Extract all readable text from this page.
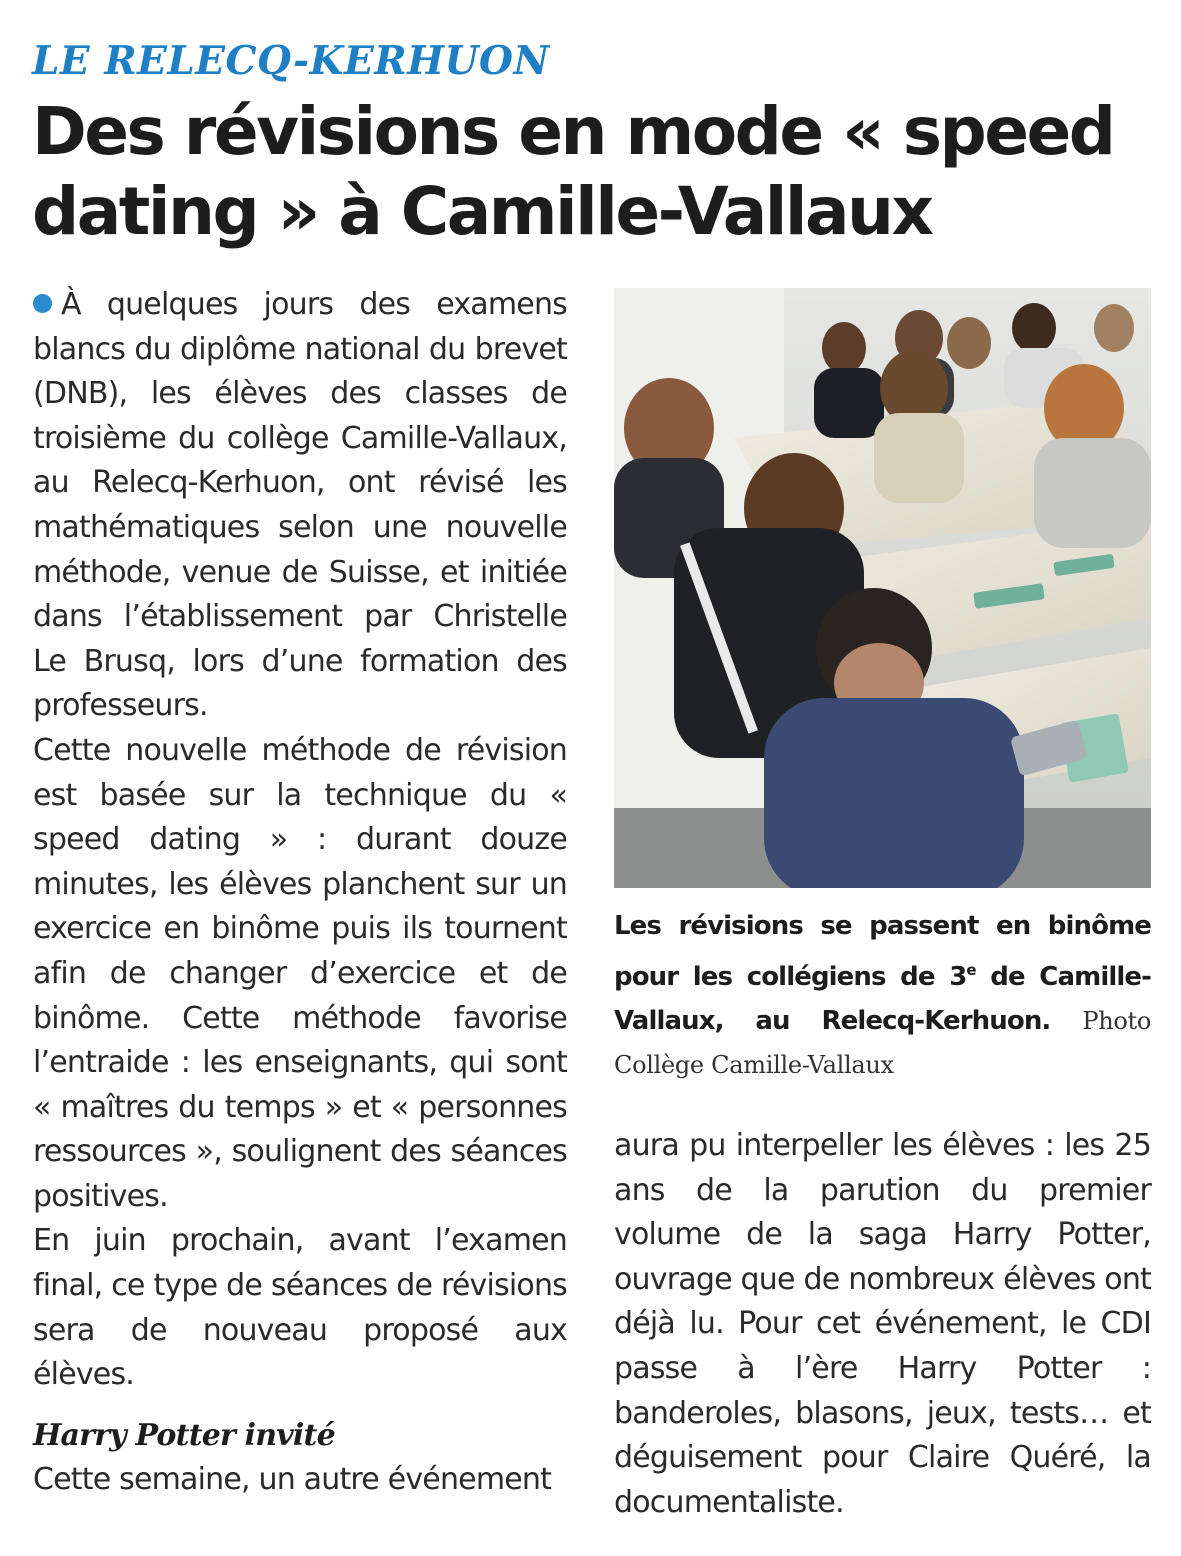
LE RELECQ-KERHUON
Des révisions en mode « speed dating » à Camille-Vallaux

À quelques jours des examens blancs du diplôme national du brevet (DNB), les élèves des classes de troisième du collège Camille-Vallaux, au Relecq-Kerhuon, ont révisé les mathématiques selon une nouvelle méthode, venue de Suisse, et initiée dans l’établissement par Christelle Le Brusq, lors d’une formation des professeurs.

Cette nouvelle méthode de révision est basée sur la technique du « speed dating » : durant douze minutes, les élèves planchent sur un exercice en binôme puis ils tournent afin de changer d’exercice et de binôme. Cette méthode favorise l’entraide : les enseignants, qui sont « maîtres du temps » et « personnes ressources », soulignent des séances positives.

En juin prochain, avant l’examen final, ce type de séances de révisions sera de nouveau proposé aux élèves.

Harry Potter invité

Cette semaine, un autre événement

Les révisions se passent en binôme pour les collégiens de 3e de Camille-Vallaux, au Relecq-Kerhuon. Photo Collège Camille-Vallaux

aura pu interpeller les élèves : les 25 ans de la parution du premier volume de la saga Harry Potter, ouvrage que de nombreux élèves ont déjà lu. Pour cet événement, le CDI passe à l’ère Harry Potter : banderoles, blasons, jeux, tests… et déguisement pour Claire Quéré, la documentaliste.
